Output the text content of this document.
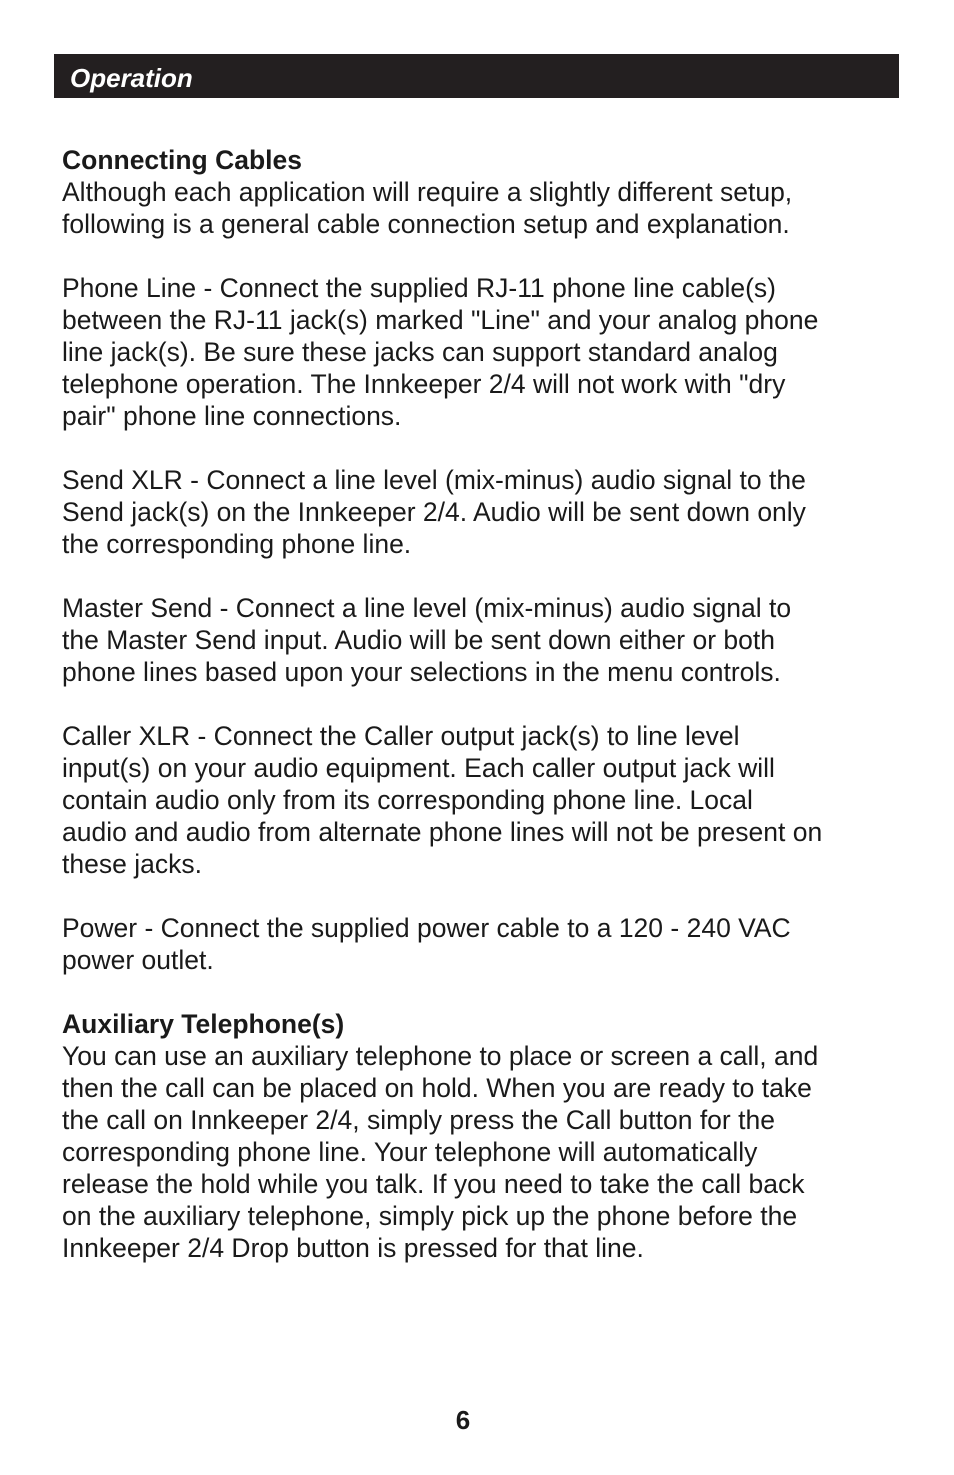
Operation

Connecting Cables

Although each application will require a slightly different setup,
following is a general cable connection setup and explanation.

Phone Line - Connect the supplied RJ-11 phone line cable(s)
between the RJ-11 jack(s) marked "Line" and your analog phone
line jack(s). Be sure these jacks can support standard analog
telephone operation. The Innkeeper 2/4 will not work with "dry
pair" phone line connections.

Send XLR - Connect a line level (mix-minus) audio signal to the
Send jack(s) on the Innkeeper 2/4. Audio will be sent down only
the corresponding phone line.

Master Send - Connect a line level (mix-minus) audio signal to
the Master Send input. Audio will be sent down either or both
phone lines based upon your selections in the menu controls.

Caller XLR - Connect the Caller output jack(s) to line level
input(s) on your audio equipment. Each caller output jack will
contain audio only from its corresponding phone line. Local
audio and audio from alternate phone lines will not be present on
these jacks.

Power - Connect the supplied power cable to a 120 - 240 VAC
power outlet.

Auxiliary Telephone(s)

You can use an auxiliary telephone to place or screen a call, and
then the call can be placed on hold. When you are ready to take
the call on Innkeeper 2/4, simply press the Call button for the
corresponding phone line. Your telephone will automatically
release the hold while you talk. If you need to take the call back
on the auxiliary telephone, simply pick up the phone before the
Innkeeper 2/4 Drop button is pressed for that line.

6
